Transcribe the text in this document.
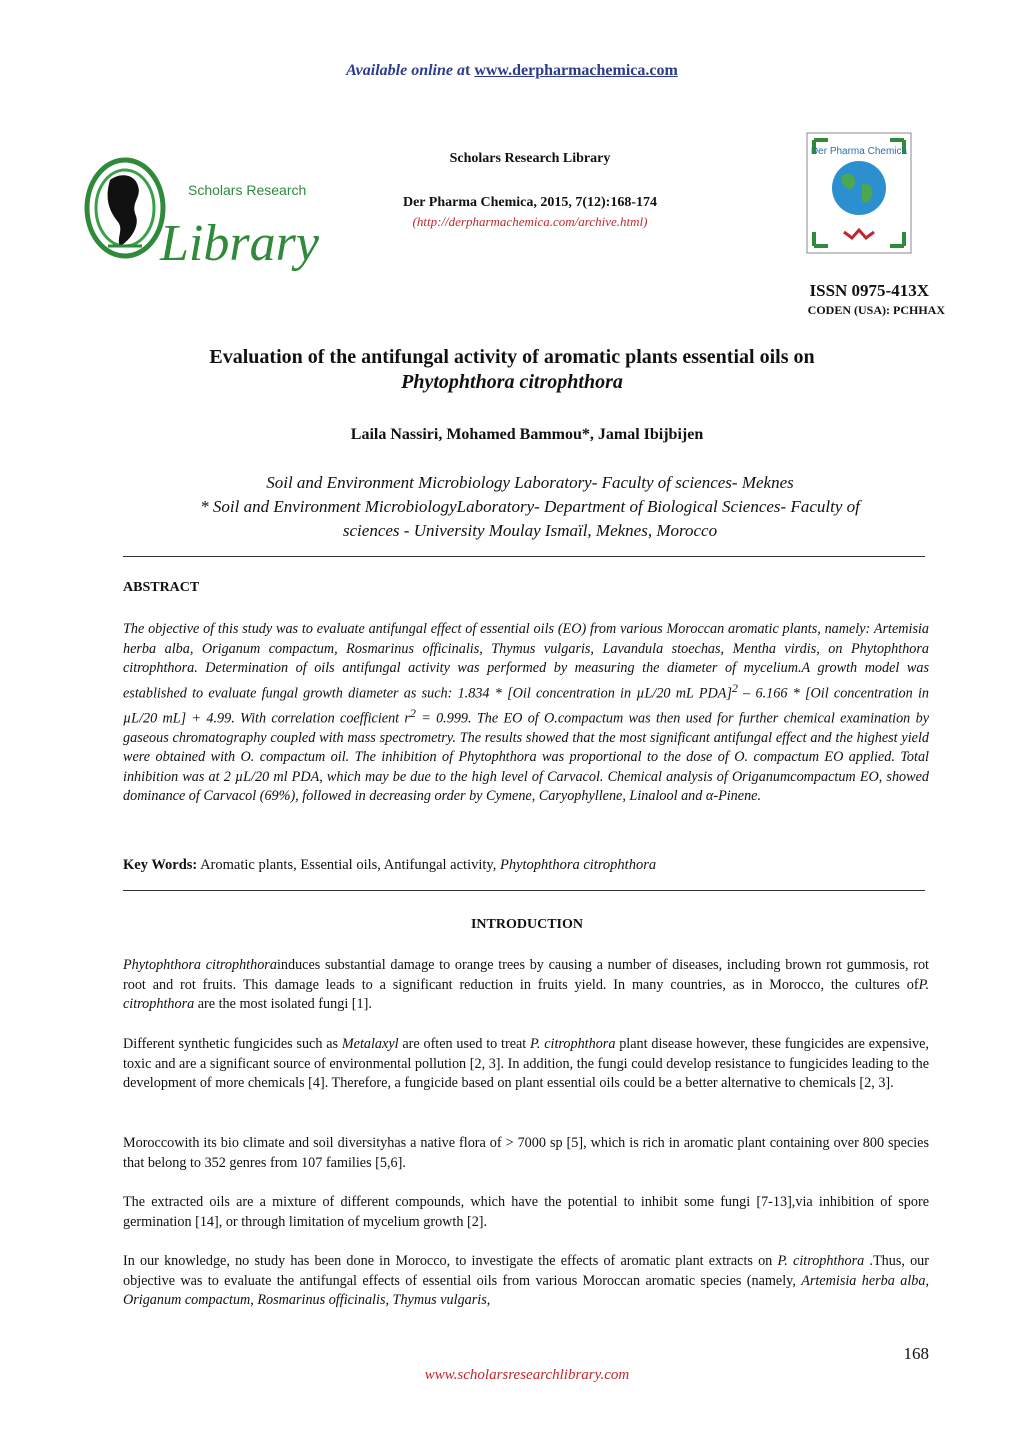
Available online at www.derpharmachemica.com
Scholars Research
Library
Scholars Research Library
Der Pharma Chemica, 2015, 7(12):168-174
(http://derpharmachemica.com/archive.html)
Der Pharma Chemica
ISSN 0975-413X
CODEN (USA): PCHHAX
Evaluation of the antifungal activity of aromatic plants essential oils on
Phytophthora citrophthora
Laila Nassiri, Mohamed Bammou*, Jamal Ibijbijen
Soil and Environment Microbiology Laboratory- Faculty of sciences- Meknes
* Soil and Environment MicrobiologyLaboratory- Department of Biological Sciences- Faculty of
sciences - University Moulay Ismaïl, Meknes, Morocco
ABSTRACT
The objective of this study was to evaluate antifungal effect of essential oils (EO) from various Moroccan aromatic plants, namely: Artemisia herba alba, Origanum compactum, Rosmarinus officinalis, Thymus vulgaris, Lavandula stoechas, Mentha virdis, on Phytophthora citrophthora. Determination of oils antifungal activity was performed by measuring the diameter of mycelium.A growth model was established to evaluate fungal growth diameter as such: 1.834 * [Oil concentration in µL/20 mL PDA]$^2$ – 6.166 * [Oil concentration in µL/20 mL] + 4.99. With correlation coefficient $r^2 = 0.999$. The EO of O.compactum was then used for further chemical examination by gaseous chromatography coupled with mass spectrometry. The results showed that the most significant antifungal effect and the highest yield were obtained with O. compactum oil. The inhibition of Phytophthora was proportional to the dose of O. compactum EO applied. Total inhibition was at 2 µL/20 ml PDA, which may be due to the high level of Carvacol. Chemical analysis of Origanumcompactum EO, showed dominance of Carvacol (69%), followed in decreasing order by Cymene, Caryophyllene, Linalool and α-Pinene.
Key Words: Aromatic plants, Essential oils, Antifungal activity, Phytophthora citrophthora
INTRODUCTION
Phytophthora citrophthorainduces substantial damage to orange trees by causing a number of diseases, including brown rot gummosis, rot root and rot fruits. This damage leads to a significant reduction in fruits yield. In many countries, as in Morocco, the cultures ofP. citrophthora are the most isolated fungi [1].
Different synthetic fungicides such as Metalaxyl are often used to treat P. citrophthora plant disease however, these fungicides are expensive, toxic and are a significant source of environmental pollution [2, 3]. In addition, the fungi could develop resistance to fungicides leading to the development of more chemicals [4]. Therefore, a fungicide based on plant essential oils could be a better alternative to chemicals [2, 3].
Moroccowith its bio climate and soil diversityhas a native flora of > 7000 sp [5], which is rich in aromatic plant containing over 800 species that belong to 352 genres from 107 families [5,6].
The extracted oils are a mixture of different compounds, which have the potential to inhibit some fungi [7-13],via inhibition of spore germination [14], or through limitation of mycelium growth [2].
In our knowledge, no study has been done in Morocco, to investigate the effects of aromatic plant extracts on P. citrophthora .Thus, our objective was to evaluate the antifungal effects of essential oils from various Moroccan aromatic species (namely, Artemisia herba alba, Origanum compactum, Rosmarinus officinalis, Thymus vulgaris,
168
www.scholarsresearchlibrary.com
